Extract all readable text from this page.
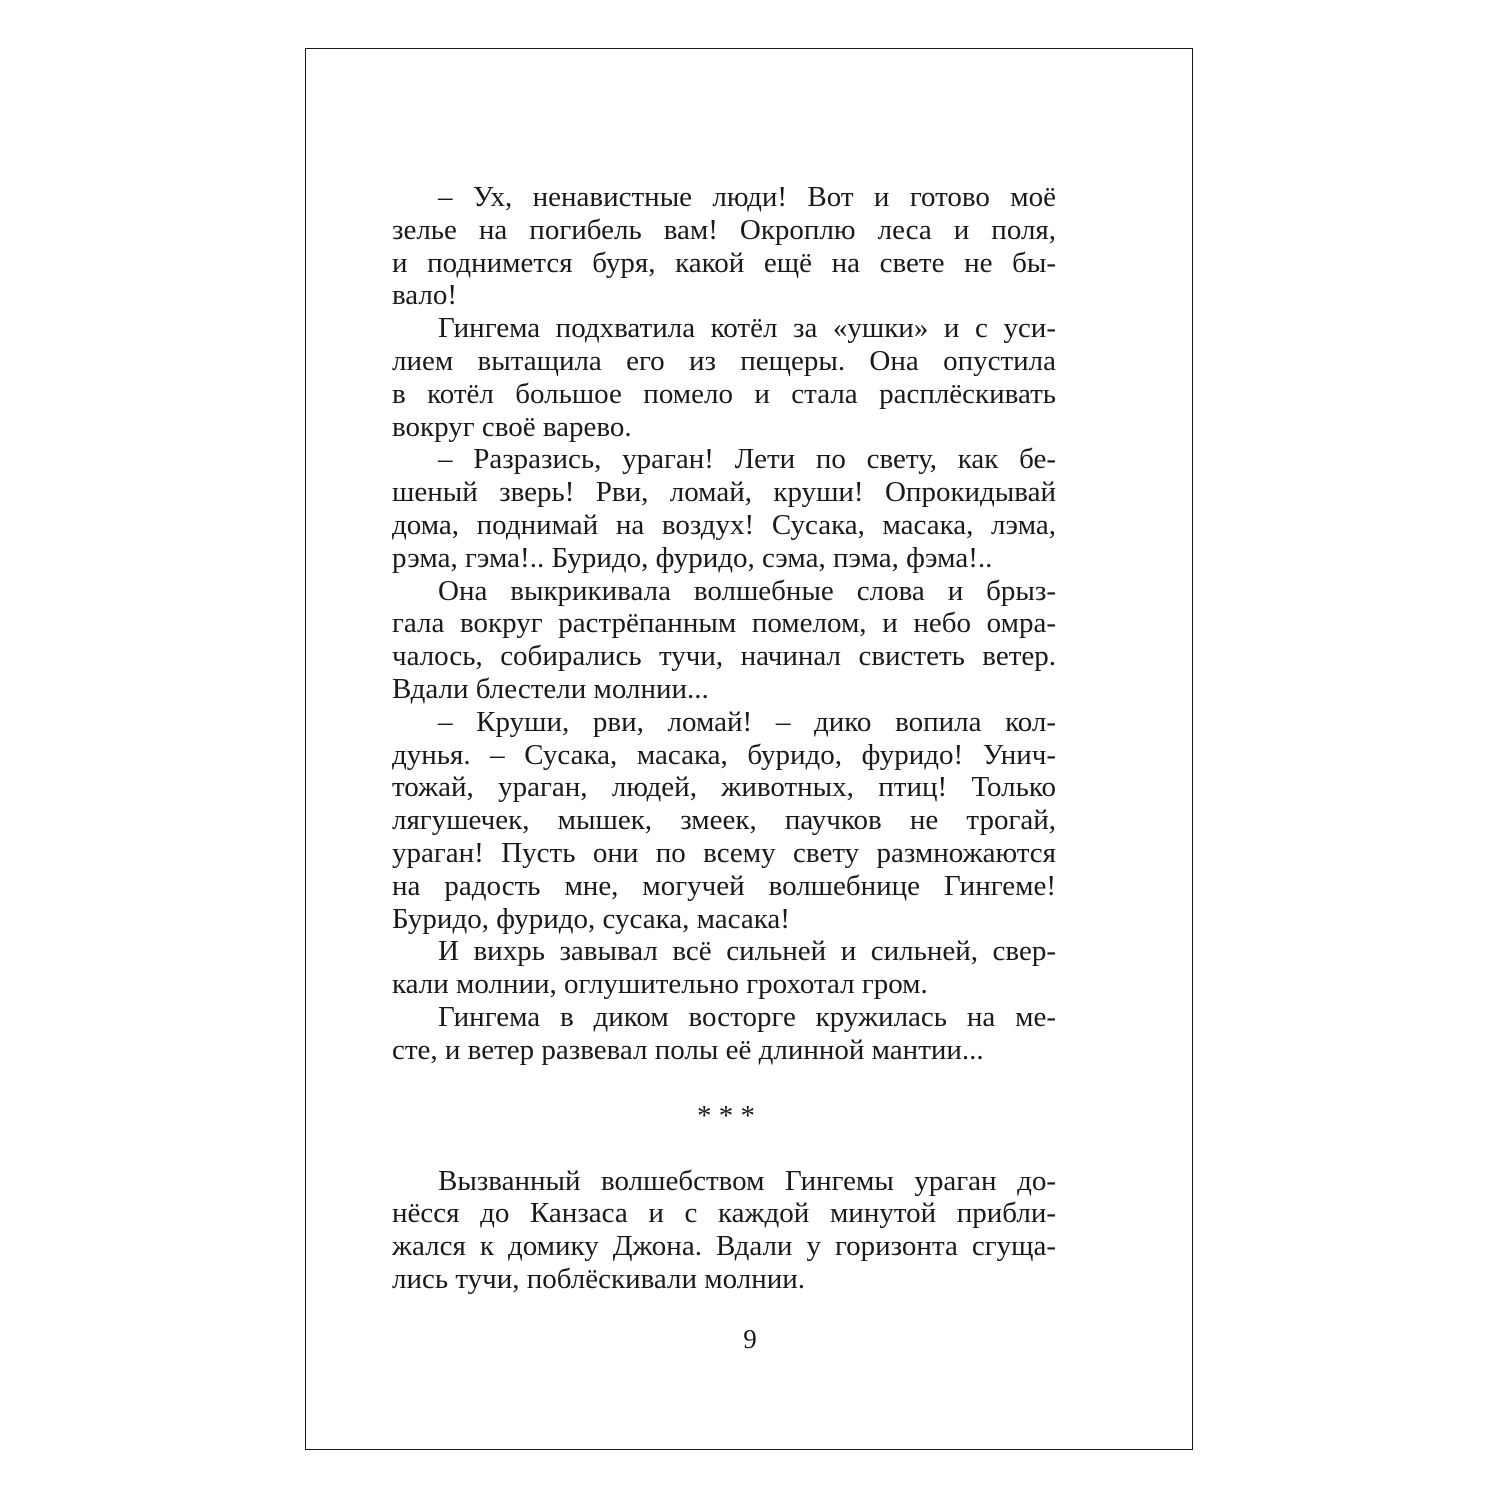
– Ух, ненавистные люди! Вот и готово моё
зелье на погибель вам! Окроплю леса и поля,
и поднимется буря, какой ещё на свете не бы-
вало!
Гингема подхватила котёл за «ушки» и с уси-
лием вытащила его из пещеры. Она опустила
в котёл большое помело и стала расплёскивать
вокруг своё варево.
– Разразись, ураган! Лети по свету, как бе-
шеный зверь! Рви, ломай, круши! Опрокидывай
дома, поднимай на воздух! Сусака, масака, лэма,
рэма, гэма!.. Буридо, фуридо, сэма, пэма, фэма!..
Она выкрикивала волшебные слова и брыз-
гала вокруг растрёпанным помелом, и небо омра-
чалось, собирались тучи, начинал свистеть ветер.
Вдали блестели молнии...
– Круши, рви, ломай! – дико вопила кол-
дунья. – Сусака, масака, буридо, фуридо! Унич-
тожай, ураган, людей, животных, птиц! Только
лягушечек, мышек, змеек, паучков не трогай,
ураган! Пусть они по всему свету размножаются
на радость мне, могучей волшебнице Гингеме!
Буридо, фуридо, сусака, масака!
И вихрь завывал всё сильней и сильней, свер-
кали молнии, оглушительно грохотал гром.
Гингема в диком восторге кружилась на ме-
сте, и ветер развевал полы её длинной мантии...
* * *
Вызванный волшебством Гингемы ураган до-
нёсся до Канзаса и с каждой минутой прибли-
жался к домику Джона. Вдали у горизонта сгуща-
лись тучи, поблёскивали молнии.
9
